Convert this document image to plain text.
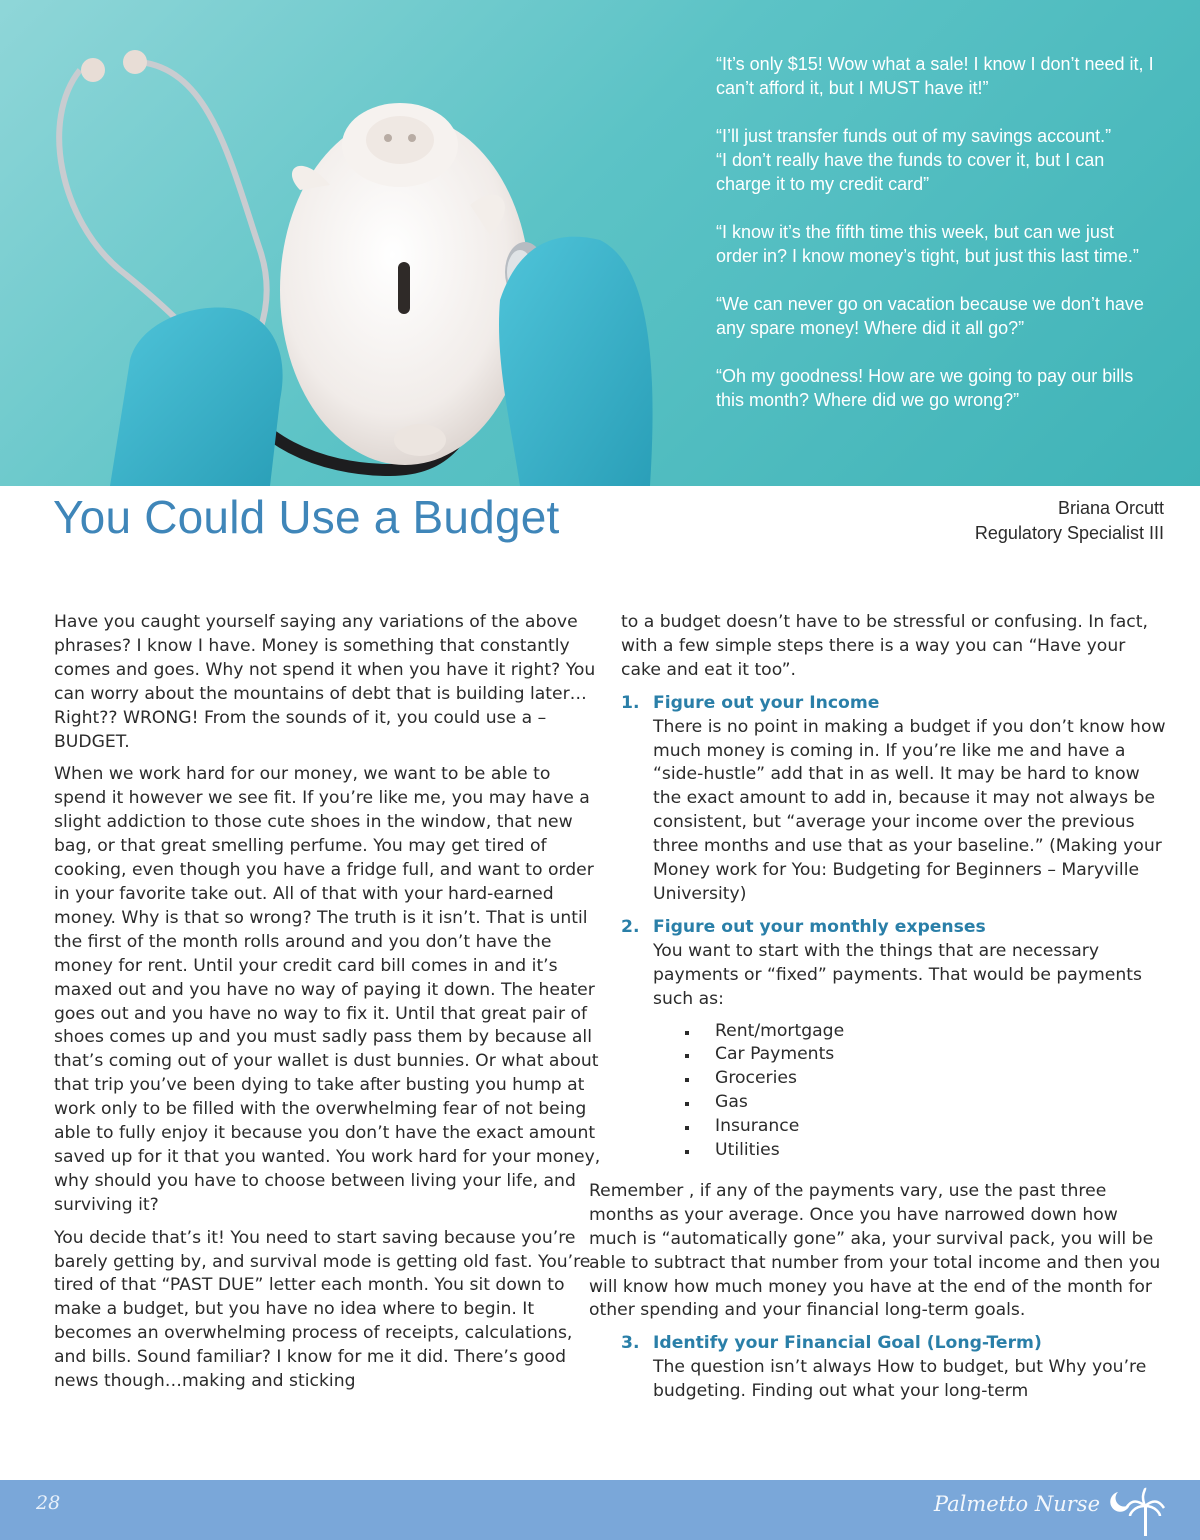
“It’s only $15! Wow what a sale! I know I don’t need it, I can’t afford it, but I MUST have it!”
“I’ll just transfer funds out of my savings account.”
“I don’t really have the funds to cover it, but I can charge it to my credit card”
“I know it’s the fifth time this week, but can we just order in? I know money’s tight, but just this last time.”
“We can never go on vacation because we don’t have any spare money! Where did it all go?”
“Oh my goodness! How are we going to pay our bills this month? Where did we go wrong?”
You Could Use a Budget	Briana Orcutt
Regulatory Specialist III

Have you caught yourself saying any variations of the above phrases? I know I have. Money is something that constantly comes and goes. Why not spend it when you have it right? You can worry about the mountains of debt that is building later…Right?? WRONG! From the sounds of it, you could use a – BUDGET.

When we work hard for our money, we want to be able to spend it however we see fit. If you’re like me, you may have a slight addiction to those cute shoes in the window, that new bag, or that great smelling perfume. You may get tired of cooking, even though you have a fridge full, and want to order in your favorite take out. All of that with your hard-earned money. Why is that so wrong? The truth is it isn’t. That is until the first of the month rolls around and you don’t have the money for rent. Until your credit card bill comes in and it’s maxed out and you have no way of paying it down. The heater goes out and you have no way to fix it. Until that great pair of shoes comes up and you must sadly pass them by because all that’s coming out of your wallet is dust bunnies. Or what about that trip you’ve been dying to take after busting you hump at work only to be filled with the overwhelming fear of not being able to fully enjoy it because you don’t have the exact amount saved up for it that you wanted. You work hard for your money, why should you have to choose between living your life, and surviving it?

You decide that’s it! You need to start saving because you’re barely getting by, and survival mode is getting old fast. You’re tired of that “PAST DUE” letter each month. You sit down to make a budget, but you have no idea where to begin. It becomes an overwhelming process of receipts, calculations, and bills. Sound familiar? I know for me it did. There’s good news though…making and sticking

to a budget doesn’t have to be stressful or confusing. In fact, with a few simple steps there is a way you can “Have your cake and eat it too”.

1. Figure out your Income
There is no point in making a budget if you don’t know how much money is coming in. If you’re like me and have a “side-hustle” add that in as well. It may be hard to know the exact amount to add in, because it may not always be consistent, but “average your income over the previous three months and use that as your baseline.” (Making your Money work for You: Budgeting for Beginners – Maryville University)
2. Figure out your monthly expenses
You want to start with the things that are necessary payments or “fixed” payments. That would be payments such as:
Rent/mortgage
Car Payments
Groceries
Gas
Insurance
Utilities

Remember , if any of the payments vary, use the past three months as your average. Once you have narrowed down how much is “automatically gone” aka, your survival pack, you will be able to subtract that number from your total income and then you will know how much money you have at the end of the month for other spending and your financial long-term goals.

3. Identify your Financial Goal (Long-Term)
The question isn’t always How to budget, but Why you’re budgeting. Finding out what your long-term
28	Palmetto Nurse
